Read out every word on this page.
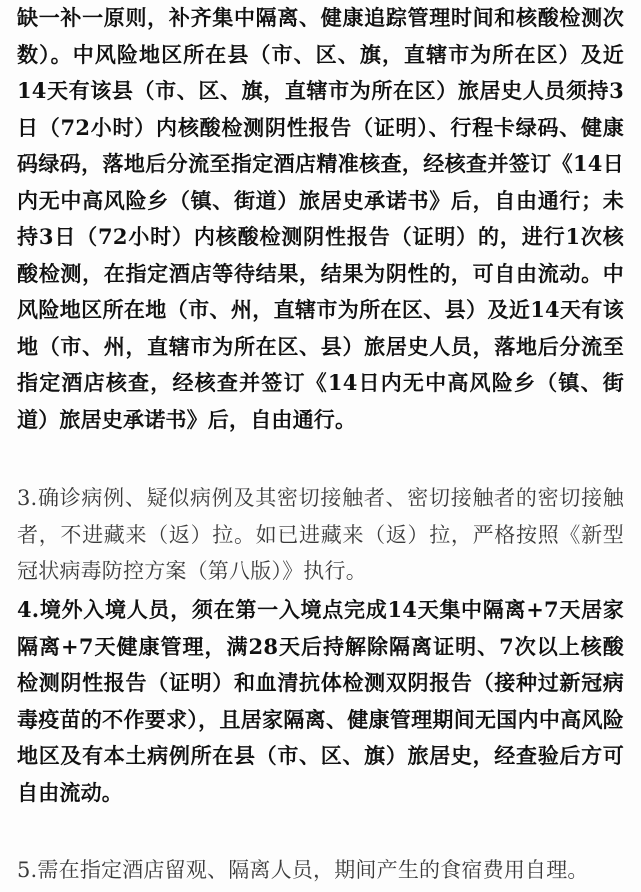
缺一补一原则，补齐集中隔离、健康追踪管理时间和核酸检测次数）。中风险地区所在县（市、区、旗，直辖市为所在区）及近14天有该县（市、区、旗，直辖市为所在区）旅居史人员须持3日（72小时）内核酸检测阴性报告（证明）、行程卡绿码、健康码绿码，落地后分流至指定酒店精准核查，经核查并签订《14日内无中高风险乡（镇、街道）旅居史承诺书》后，自由通行；未持3日（72小时）内核酸检测阴性报告（证明）的，进行1次核酸检测，在指定酒店等待结果，结果为阴性的，可自由流动。中风险地区所在地（市、州，直辖市为所在区、县）及近14天有该地（市、州，直辖市为所在区、县）旅居史人员，落地后分流至指定酒店核查，经核查并签订《14日内无中高风险乡（镇、街道）旅居史承诺书》后，自由通行。

3.确诊病例、疑似病例及其密切接触者、密切接触者的密切接触者，不进藏来（返）拉。如已进藏来（返）拉，严格按照《新型冠状病毒防控方案（第八版）》执行。

4.境外入境人员，须在第一入境点完成14天集中隔离+7天居家隔离+7天健康管理，满28天后持解除隔离证明、7次以上核酸检测阴性报告（证明）和血清抗体检测双阴报告（接种过新冠病毒疫苗的不作要求），且居家隔离、健康管理期间无国内中高风险地区及有本土病例所在县（市、区、旗）旅居史，经查验后方可自由流动。

5.需在指定酒店留观、隔离人员，期间产生的食宿费用自理。
